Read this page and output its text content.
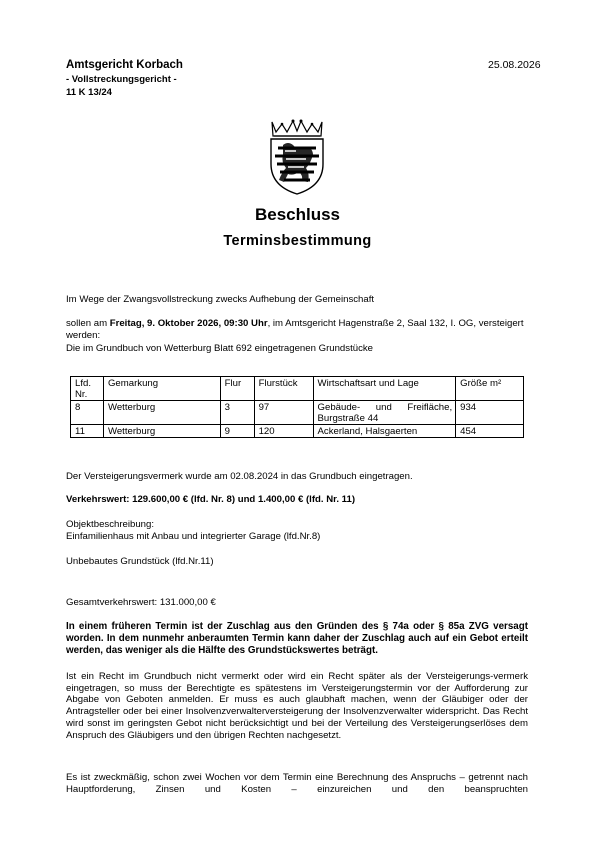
Amtsgericht Korbach
- Vollstreckungsgericht -
11 K 13/24
25.08.2026
Beschluss
Terminsbestimmung
Im Wege der Zwangsvollstreckung zwecks Aufhebung der Gemeinschaft
sollen am Freitag, 9. Oktober 2026, 09:30 Uhr, im Amtsgericht Hagenstraße 2, Saal 132, I. OG, versteigert werden:
Die im Grundbuch von Wetterburg Blatt 692 eingetragenen Grundstücke
Lfd. Nr.	Gemarkung	Flur	Flurstück	Wirtschaftsart und Lage	Größe m²
8	Wetterburg	3	97	Gebäude- und Freifläche, Burgstraße 44	934
11	Wetterburg	9	120	Ackerland, Halsgaerten	454
Der Versteigerungsvermerk wurde am 02.08.2024 in das Grundbuch eingetragen.
Verkehrswert: 129.600,00 € (lfd. Nr. 8) und 1.400,00 € (lfd. Nr. 11)
Objektbeschreibung:
Einfamilienhaus mit Anbau und integrierter Garage (lfd.Nr.8)
Unbebautes Grundstück (lfd.Nr.11)
Gesamtverkehrswert: 131.000,00 €
In einem früheren Termin ist der Zuschlag aus den Gründen des § 74a oder § 85a ZVG versagt worden. In dem nunmehr anberaumten Termin kann daher der Zuschlag auch auf ein Gebot erteilt werden, das weniger als die Hälfte des Grundstückswertes beträgt.
Ist ein Recht im Grundbuch nicht vermerkt oder wird ein Recht später als der Versteigerungs-vermerk eingetragen, so muss der Berechtigte es spätestens im Versteigerungstermin vor der Aufforderung zur Abgabe von Geboten anmelden. Er muss es auch glaubhaft machen, wenn der Gläubiger oder der Antragsteller oder bei einer Insolvenzverwalterversteigerung der Insolvenzverwalter widerspricht. Das Recht wird sonst im geringsten Gebot nicht berücksichtigt und bei der Verteilung des Versteigerungserlöses dem Anspruch des Gläubigers und den übrigen Rechten nachgesetzt.
Es ist zweckmäßig, schon zwei Wochen vor dem Termin eine Berechnung des Anspruchs – getrennt nach Hauptforderung, Zinsen und Kosten – einzureichen und den beanspruchten
